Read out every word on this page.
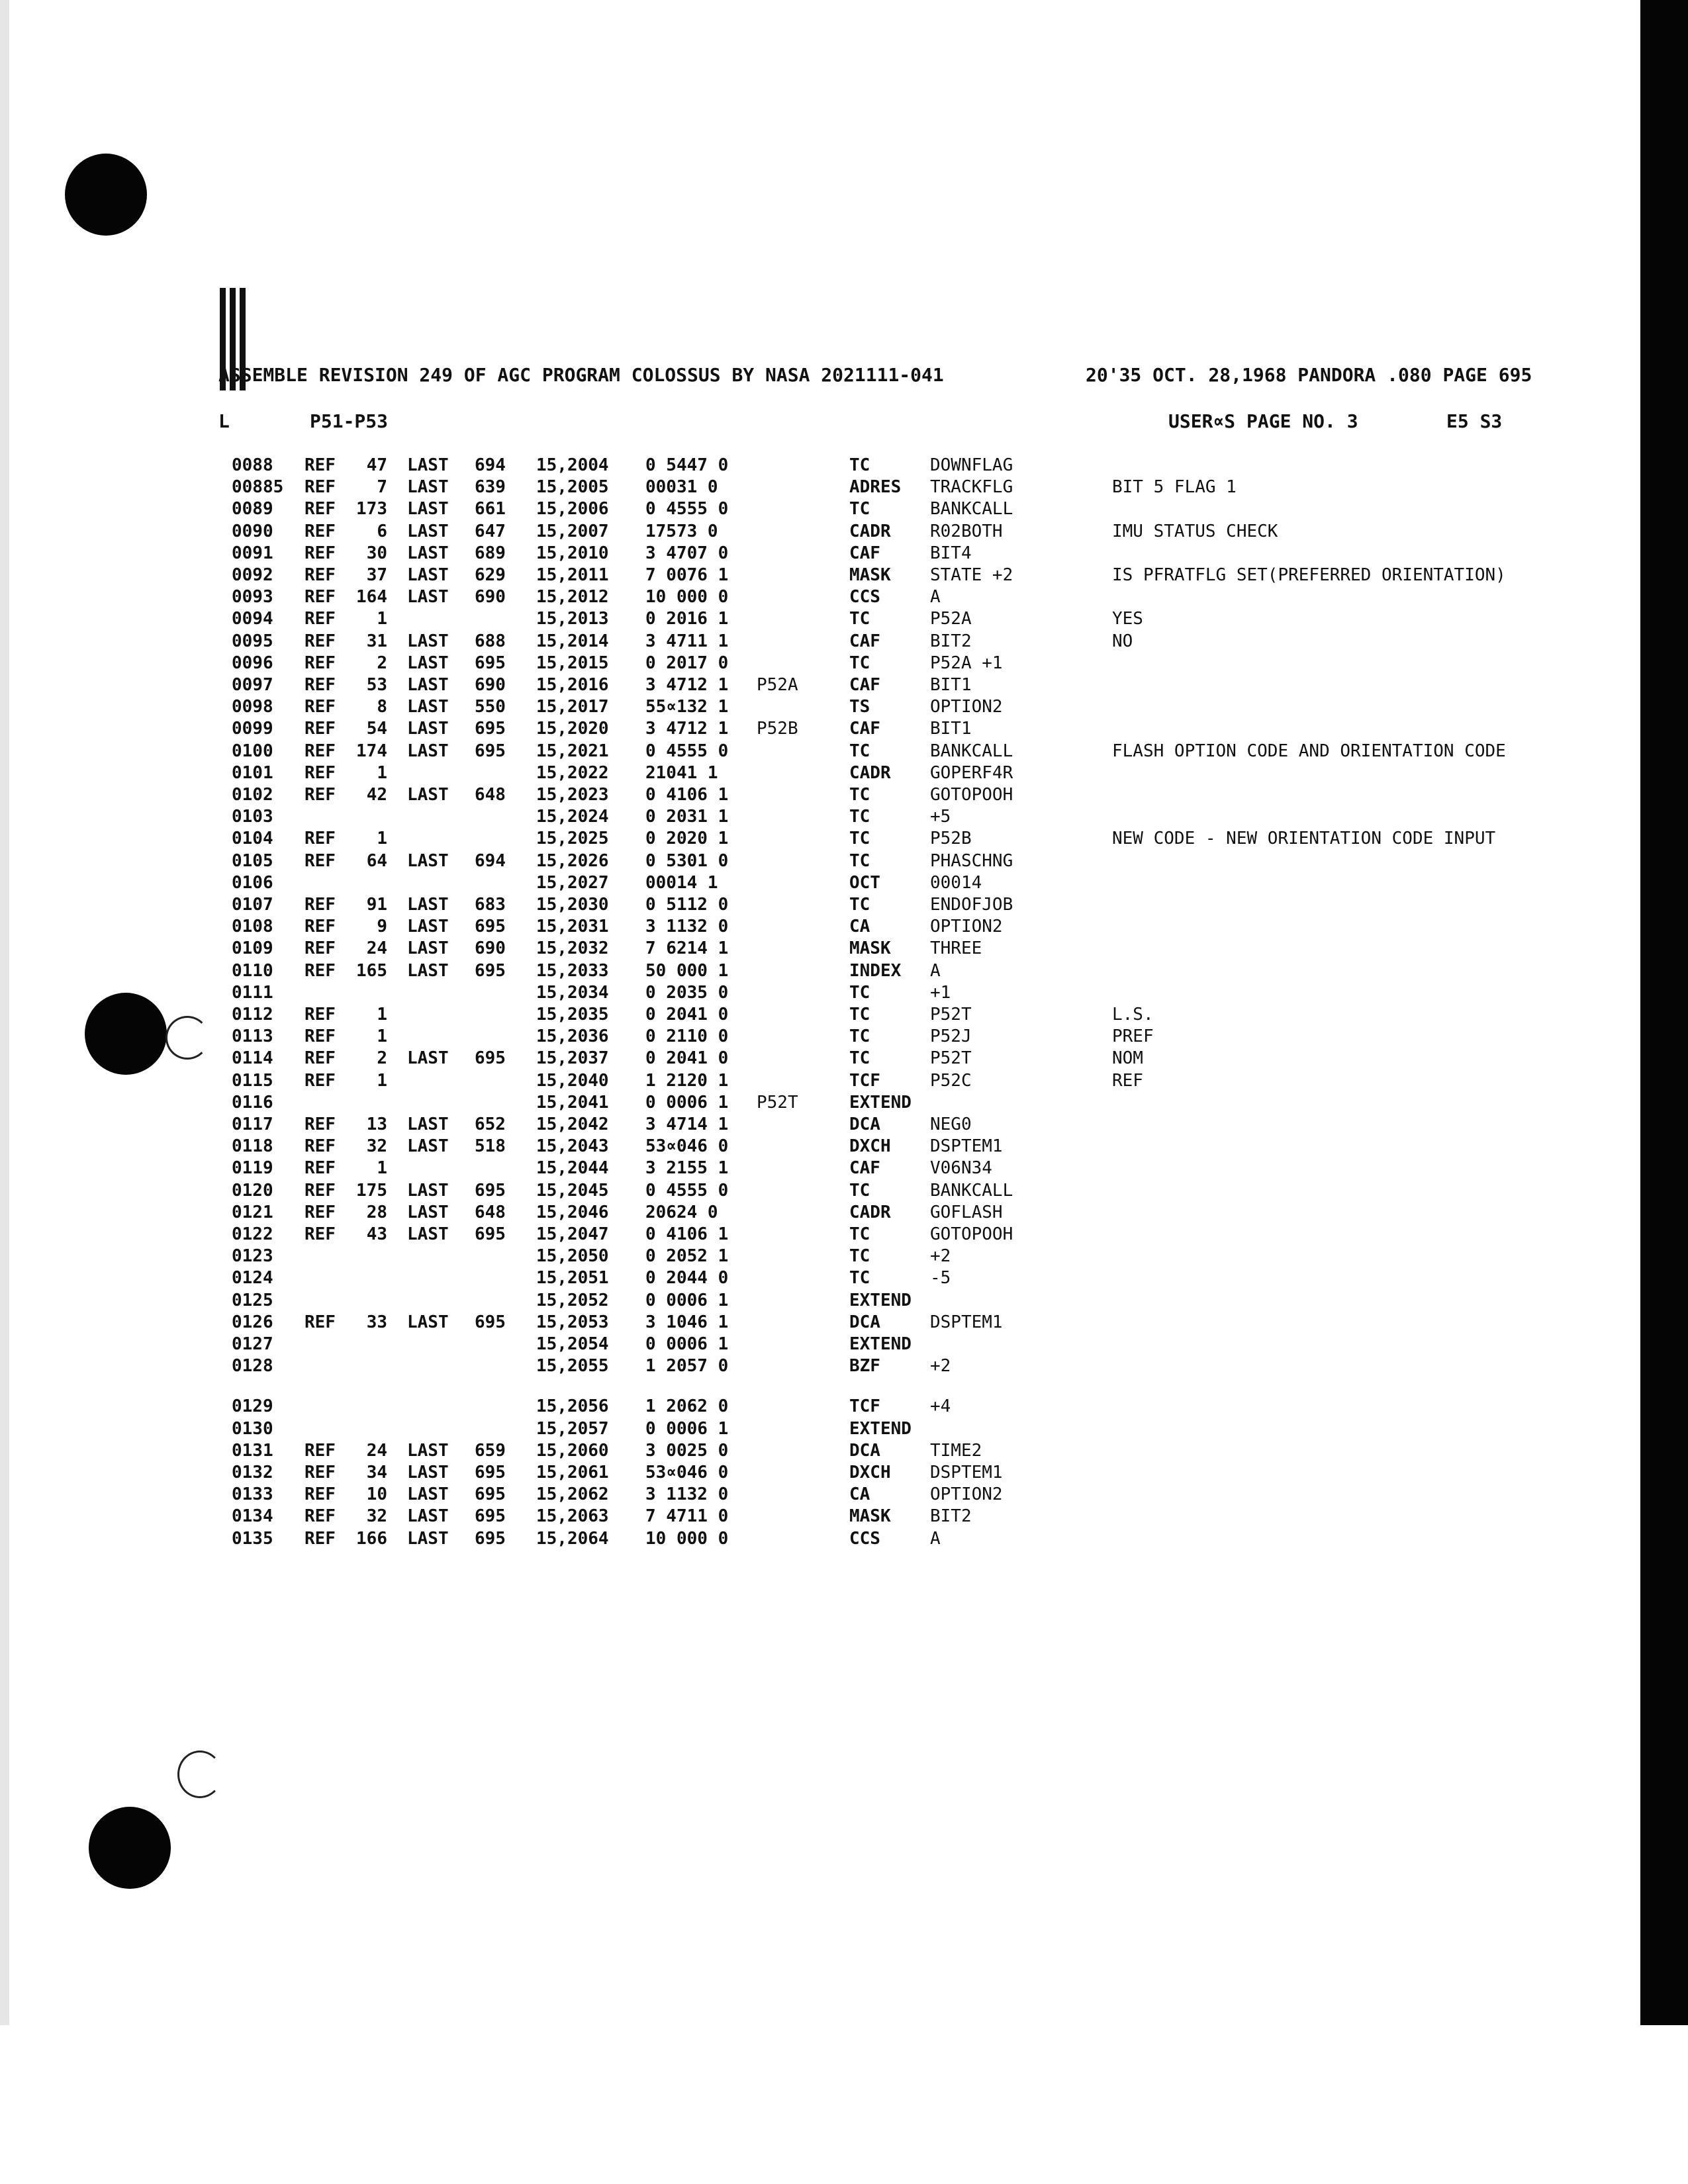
ASSEMBLE REVISION 249 OF AGC PROGRAM COLOSSUS BY NASA 2021111-041	20'35 OCT. 28,1968 PANDORA .080 PAGE 695
L	P51-P53	USER∝S PAGE NO. 3	E5 S3
0088 REF	47 LAST 694 15,2004 0 5447 0	TC	DOWNFLAG
00885 REF	7 LAST 639 15,2005 00031 0	ADRES TRACKFLG	BIT 5 FLAG 1
0089 REF 173 LAST 661 15,2006 0 4555 0	TC	BANKCALL
0090 REF	6 LAST 647 15,2007 17573 0	CADR R02BOTH	IMU STATUS CHECK
0091 REF	30 LAST 689 15,2010 3 4707 0	CAF	BIT4
0092 REF	37 LAST 629 15,2011 7 0076 1	MASK STATE +2	IS PFRATFLG SET(PREFERRED ORIENTATION)
0093 REF 164 LAST 690 15,2012 10 000 0	CCS	A
0094 REF	1	15,2013 0 2016 1	TC	P52A	YES
0095 REF	31 LAST 688 15,2014 3 4711 1	CAF	BIT2	NO
0096 REF	2 LAST 695 15,2015 0 2017 0	TC	P52A +1
0097 REF	53 LAST 690 15,2016 3 4712 1 P52A	CAF	BIT1
0098 REF	8 LAST 550 15,2017 55∝132 1	TS	OPTION2
0099 REF	54 LAST 695 15,2020 3 4712 1 P52B	CAF	BIT1
0100 REF 174 LAST 695 15,2021 0 4555 0	TC	BANKCALL	FLASH OPTION CODE AND ORIENTATION CODE
0101 REF	1	15,2022 21041 1	CADR GOPERF4R
0102 REF	42 LAST 648 15,2023 0 4106 1	TC	GOTOPOOH
0103	15,2024 0 2031 1	TC	+5
0104 REF	1	15,2025 0 2020 1	TC	P52B	NEW CODE - NEW ORIENTATION CODE INPUT
0105 REF	64 LAST 694 15,2026 0 5301 0	TC	PHASCHNG
0106	15,2027 00014 1	OCT	00014
0107 REF	91 LAST 683 15,2030 0 5112 0	TC	ENDOFJOB
0108 REF	9 LAST 695 15,2031 3 1132 0	CA	OPTION2
0109 REF	24 LAST 690 15,2032 7 6214 1	MASK THREE
0110 REF 165 LAST 695 15,2033 50 000 1	INDEX A
0111	15,2034 0 2035 0	TC	+1
0112 REF	1	15,2035 0 2041 0	TC	P52T	L.S.
0113 REF	1	15,2036 0 2110 0	TC	P52J	PREF
0114 REF	2 LAST 695 15,2037 0 2041 0	TC	P52T	NOM
0115 REF	1	15,2040 1 2120 1	TCF	P52C	REF
0116	15,2041 0 0006 1 P52T	EXTEND
0117 REF	13 LAST 652 15,2042 3 4714 1	DCA	NEG0
0118 REF	32 LAST 518 15,2043 53∝046 0	DXCH DSPTEM1
0119 REF	1	15,2044 3 2155 1	CAF	V06N34
0120 REF 175 LAST 695 15,2045 0 4555 0	TC	BANKCALL
0121 REF	28 LAST 648 15,2046 20624 0	CADR GOFLASH
0122 REF	43 LAST 695 15,2047 0 4106 1	TC	GOTOPOOH
0123	15,2050 0 2052 1	TC	+2
0124	15,2051 0 2044 0	TC	-5
0125	15,2052 0 0006 1	EXTEND
0126 REF	33 LAST 695 15,2053 3 1046 1	DCA	DSPTEM1
0127	15,2054 0 0006 1	EXTEND
0128	15,2055 1 2057 0	BZF	+2
0129	15,2056 1 2062 0	TCF	+4
0130	15,2057 0 0006 1	EXTEND
0131 REF	24 LAST 659 15,2060 3 0025 0	DCA	TIME2
0132 REF	34 LAST 695 15,2061 53∝046 0	DXCH DSPTEM1
0133 REF	10 LAST 695 15,2062 3 1132 0	CA	OPTION2
0134 REF	32 LAST 695 15,2063 7 4711 0	MASK BIT2
0135 REF 166 LAST 695 15,2064 10 000 0	CCS	A
